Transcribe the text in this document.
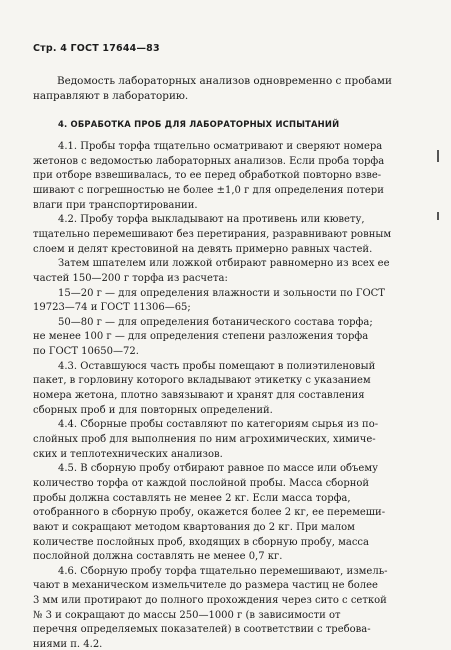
Стр. 4 ГОСТ 17644—83
Ведомость лабораторных анализов одновременно с пробами
направляют в лабораторию.
4. ОБРАБОТКА ПРОБ ДЛЯ ЛАБОРАТОРНЫХ ИСПЫТАНИЙ
4.1. Пробы торфа тщательно осматривают и сверяют номера
жетонов с ведомостью лабораторных анализов. Если проба торфа
при отборе взвешивалась, то ее перед обработкой повторно взве-
шивают с погрешностью не более ±1,0 г для определения потери
влаги при транспортировании.
4.2. Пробу торфа выкладывают на противень или кювету,
тщательно перемешивают без перетирания, разравнивают ровным
слоем и делят крестовиной на девять примерно равных частей.
Затем шпателем или ложкой отбирают равномерно из всех ее
частей 150—200 г торфа из расчета:
15—20 г — для определения влажности и зольности по ГОСТ
19723—74 и ГОСТ 11306—65;
50—80 г — для определения ботанического состава торфа;
не менее 100 г — для определения степени разложения торфа
по ГОСТ 10650—72.
4.3. Оставшуюся часть пробы помещают в полиэтиленовый
пакет, в горловину которого вкладывают этикетку с указанием
номера жетона, плотно завязывают и хранят для составления
сборных проб и для повторных определений.
4.4. Сборные пробы составляют по категориям сырья из по-
слойных проб для выполнения по ним агрохимических, химиче-
ских и теплотехнических анализов.
4.5. В сборную пробу отбирают равное по массе или объему
количество торфа от каждой послойной пробы. Масса сборной
пробы должна составлять не менее 2 кг. Если масса торфа,
отобранного в сборную пробу, окажется более 2 кг, ее перемеши-
вают и сокращают методом квартования до 2 кг. При малом
количестве послойных проб, входящих в сборную пробу, масса
послойной должна составлять не менее 0,7 кг.
4.6. Сборную пробу торфа тщательно перемешивают, измель-
чают в механическом измельчителе до размера частиц не более
3 мм или протирают до полного прохождения через сито с сеткой
№ 3 и сокращают до массы 250—1000 г (в зависимости от
перечня определяемых показателей) в соответствии с требова-
ниями п. 4.2.
